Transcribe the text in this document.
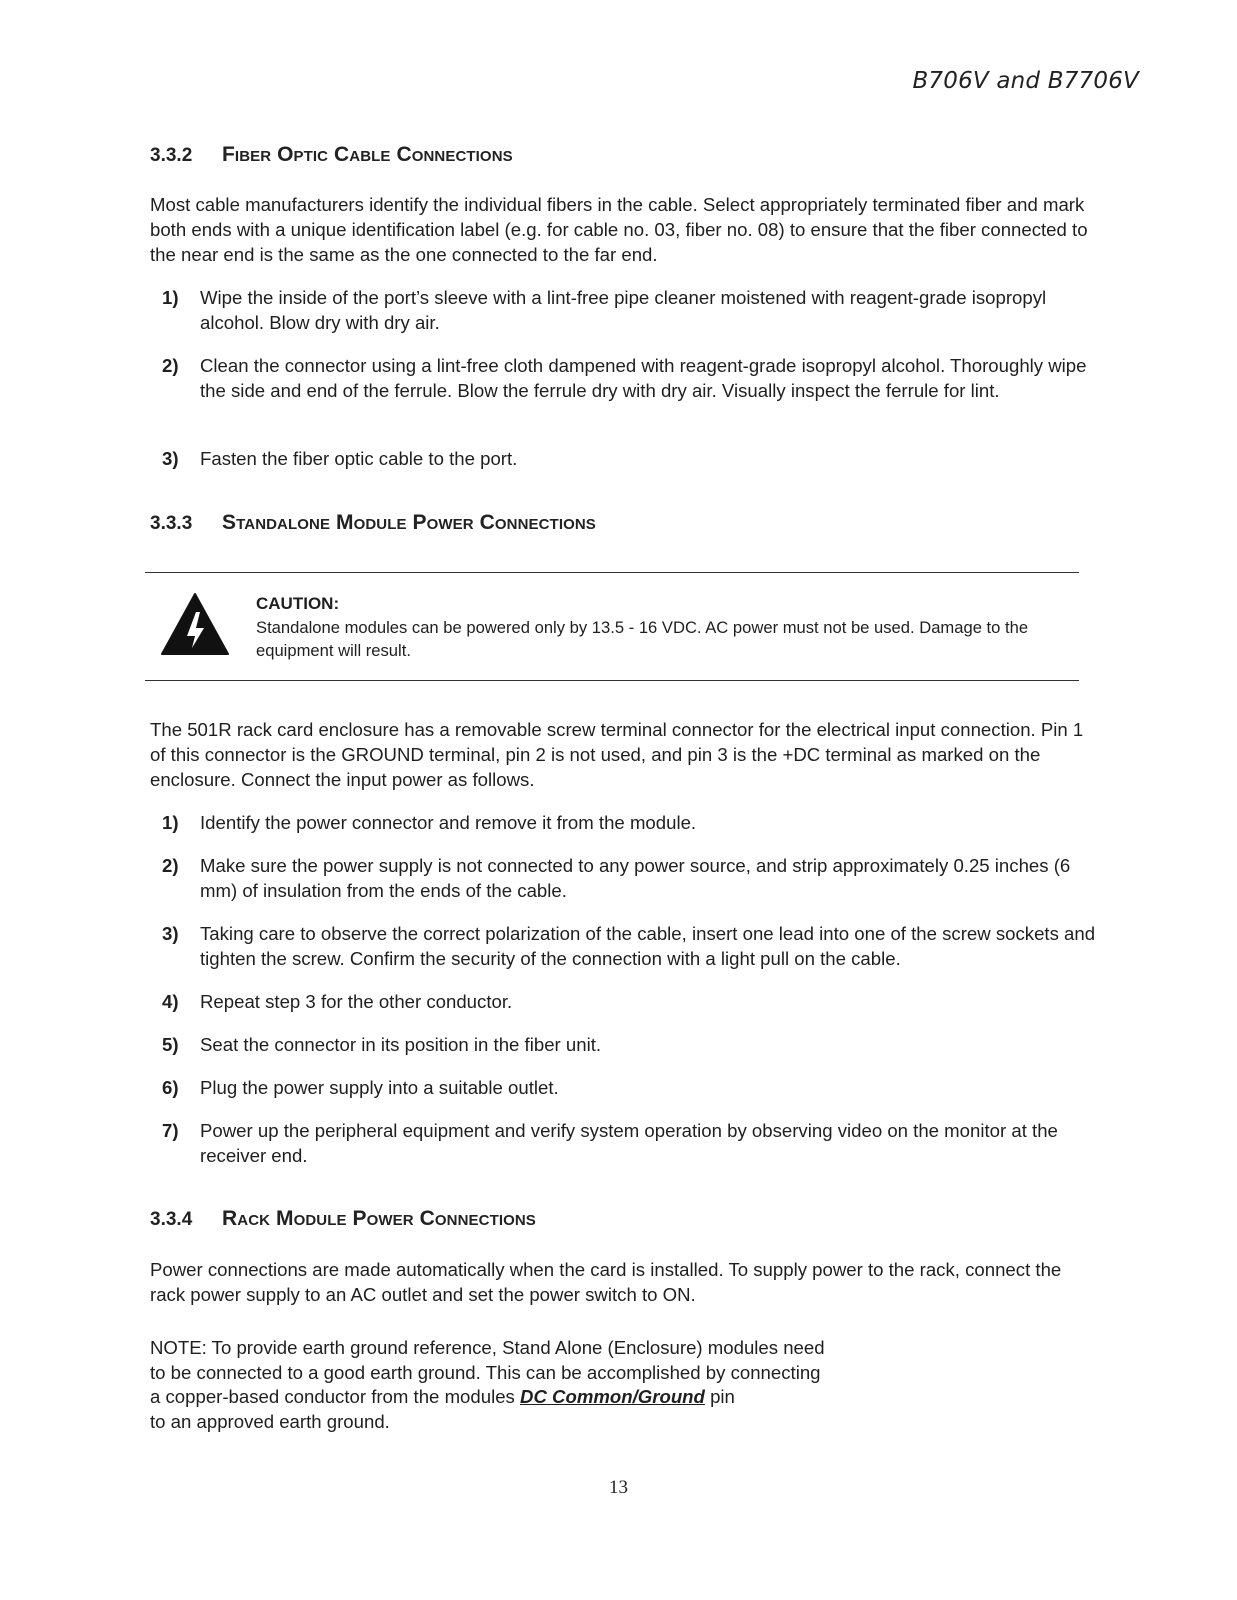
B706V and B7706V
3.3.2 Fiber Optic Cable Connections
Most cable manufacturers identify the individual fibers in the cable. Select appropriately terminated fiber and mark both ends with a unique identification label (e.g. for cable no. 03, fiber no. 08) to ensure that the fiber connected to the near end is the same as the one connected to the far end.
1) Wipe the inside of the port’s sleeve with a lint-free pipe cleaner moistened with reagent-grade isopropyl alcohol. Blow dry with dry air.
2) Clean the connector using a lint-free cloth dampened with reagent-grade isopropyl alcohol. Thoroughly wipe the side and end of the ferrule. Blow the ferrule dry with dry air. Visually inspect the ferrule for lint.
3) Fasten the fiber optic cable to the port.
3.3.3 Standalone Module Power Connections
CAUTION:
Standalone modules can be powered only by 13.5 - 16 VDC. AC power must not be used. Damage to the equipment will result.
The 501R rack card enclosure has a removable screw terminal connector for the electrical input connection. Pin 1 of this connector is the GROUND terminal, pin 2 is not used, and pin 3 is the +DC terminal as marked on the enclosure. Connect the input power as follows.
1) Identify the power connector and remove it from the module.
2) Make sure the power supply is not connected to any power source, and strip approximately 0.25 inches (6 mm) of insulation from the ends of the cable.
3) Taking care to observe the correct polarization of the cable, insert one lead into one of the screw sockets and tighten the screw. Confirm the security of the connection with a light pull on the cable.
4) Repeat step 3 for the other conductor.
5) Seat the connector in its position in the fiber unit.
6) Plug the power supply into a suitable outlet.
7) Power up the peripheral equipment and verify system operation by observing video on the monitor at the receiver end.
3.3.4 Rack Module Power Connections
Power connections are made automatically when the card is installed. To supply power to the rack, connect the rack power supply to an AC outlet and set the power switch to ON.
NOTE: To provide earth ground reference, Stand Alone (Enclosure) modules need
to be connected to a good earth ground. This can be accomplished by connecting
a copper-based conductor from the modules DC Common/Ground pin
to an approved earth ground.
13
